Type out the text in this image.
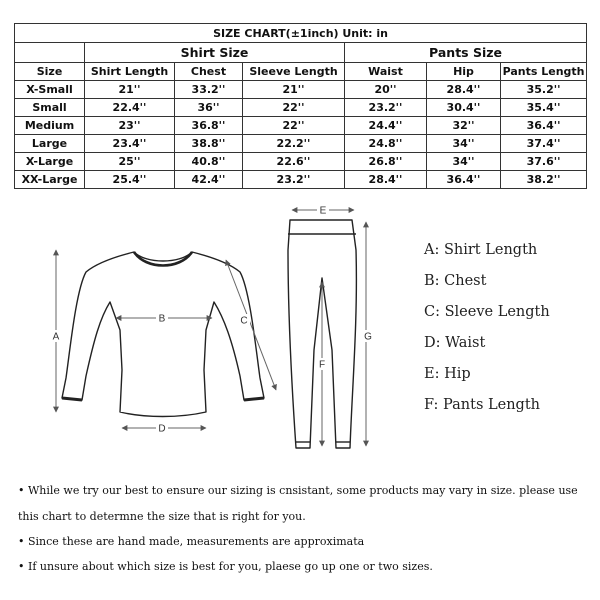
SIZE CHART(±1inch) Unit: in						
	Shirt Size			Pants Size		
Size	Shirt Length	Chest	Sleeve Length	Waist	Hip	Pants Length
X-Small	21''	33.2''	21''	20''	28.4''	35.2''
Small	22.4''	36''	22''	23.2''	30.4''	35.4''
Medium	23''	36.8''	22''	24.4''	32''	36.4''
Large	23.4''	38.8''	22.2''	24.8''	34''	37.4''
X-Large	25''	40.8''	22.6''	26.8''	34''	37.6''
XX-Large	25.4''	42.4''	23.2''	28.4''	36.4''	38.2''
A
B	C
D
E
F
G
A: Shirt Length
B: Chest
C: Sleeve Length
D: Waist
E: Hip
F: Pants Length
• While we try our best to ensure our sizing is cnsistant, some products may vary in size. please use
this chart to determne the size that is right for you.
• Since these are hand made, measurements are approximata
• If unsure about which size is best for you, plaese go up one or two sizes.
